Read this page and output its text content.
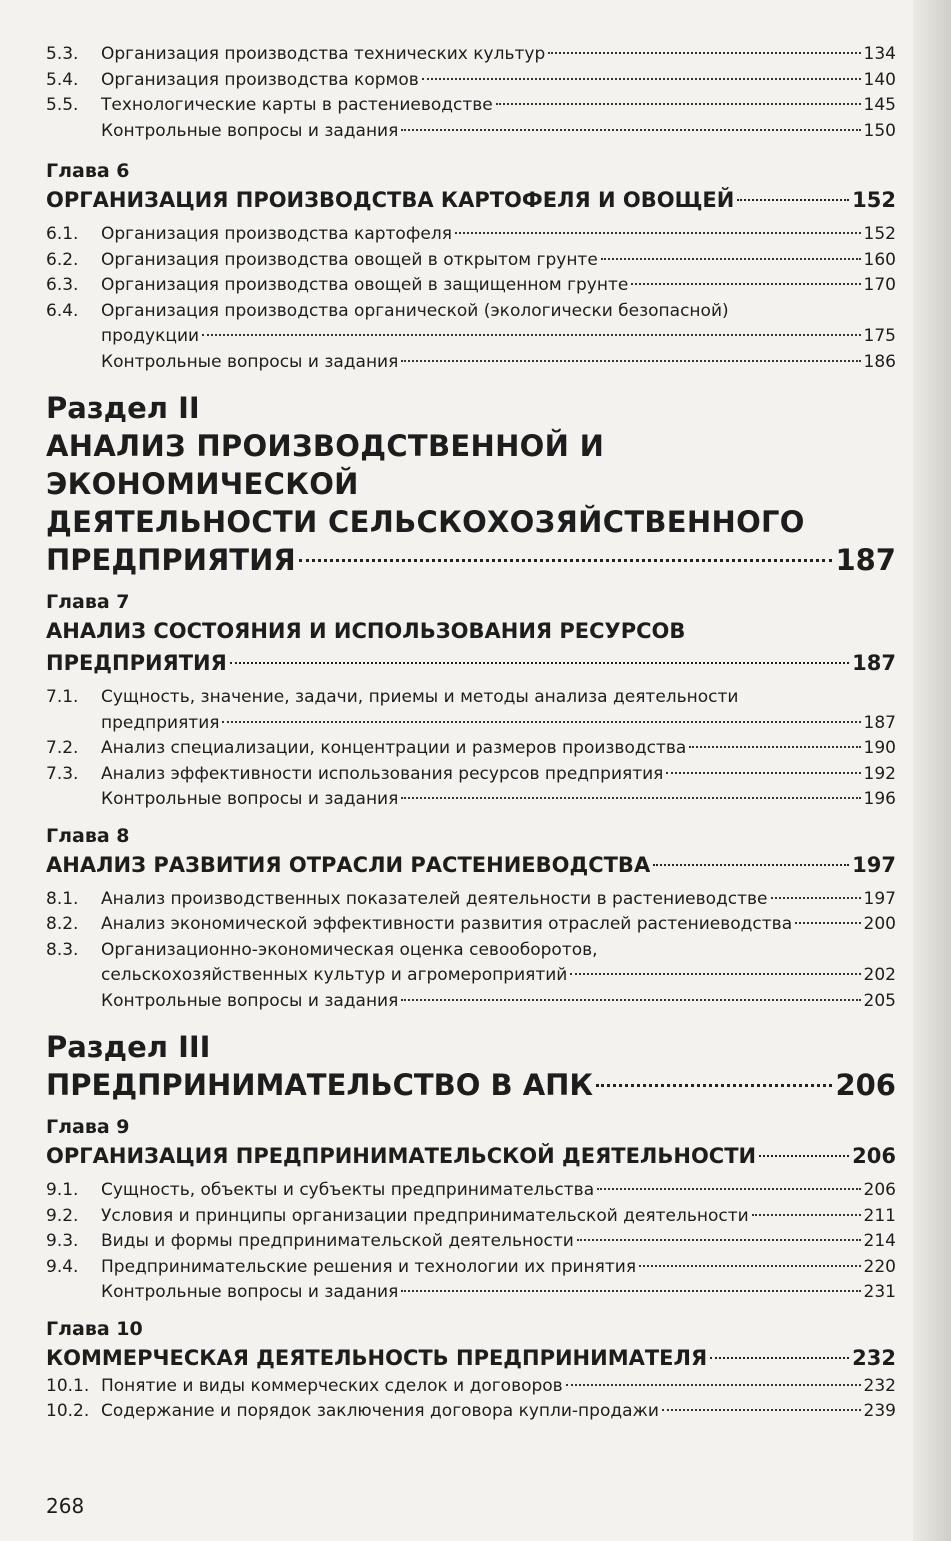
5.3.	Организация производства технических культур	134
5.4.	Организация производства кормов	140
5.5.	Технологические карты в растениеводстве	145
Контрольные вопросы и задания	150
Глава 6
ОРГАНИЗАЦИЯ ПРОИЗВОДСТВА КАРТОФЕЛЯ И ОВОЩЕЙ	152
6.1.	Организация производства картофеля	152
6.2.	Организация производства овощей в открытом грунте	160
6.3.	Организация производства овощей в защищенном грунте	170
6.4.	Организация производства органической (экологически безопасной)
продукции	175
Контрольные вопросы и задания	186
Раздел II
АНАЛИЗ ПРОИЗВОДСТВЕННОЙ И ЭКОНОМИЧЕСКОЙ
ДЕЯТЕЛЬНОСТИ СЕЛЬСКОХОЗЯЙСТВЕННОГО
ПРЕДПРИЯТИЯ	187
Глава 7
АНАЛИЗ СОСТОЯНИЯ И ИСПОЛЬЗОВАНИЯ РЕСУРСОВ
ПРЕДПРИЯТИЯ	187
7.1.	Сущность, значение, задачи, приемы и методы анализа деятельности
предприятия	187
7.2.	Анализ специализации, концентрации и размеров производства	190
7.3.	Анализ эффективности использования ресурсов предприятия	192
Контрольные вопросы и задания	196
Глава 8
АНАЛИЗ РАЗВИТИЯ ОТРАСЛИ РАСТЕНИЕВОДСТВА	197
8.1.	Анализ производственных показателей деятельности в растениеводстве	197
8.2.	Анализ экономической эффективности развития отраслей растениеводства	200
8.3.	Организационно-экономическая оценка севооборотов,
сельскохозяйственных культур и агромероприятий	202
Контрольные вопросы и задания	205
Раздел III
ПРЕДПРИНИМАТЕЛЬСТВО В АПК	206
Глава 9
ОРГАНИЗАЦИЯ ПРЕДПРИНИМАТЕЛЬСКОЙ ДЕЯТЕЛЬНОСТИ	206
9.1.	Сущность, объекты и субъекты предпринимательства	206
9.2.	Условия и принципы организации предпринимательской деятельности	211
9.3.	Виды и формы предпринимательской деятельности	214
9.4.	Предпринимательские решения и технологии их принятия	220
Контрольные вопросы и задания	231
Глава 10
КОММЕРЧЕСКАЯ ДЕЯТЕЛЬНОСТЬ ПРЕДПРИНИМАТЕЛЯ	232
10.1. Понятие и виды коммерческих сделок и договоров	232
10.2. Содержание и порядок заключения договора купли-продажи	239
268
